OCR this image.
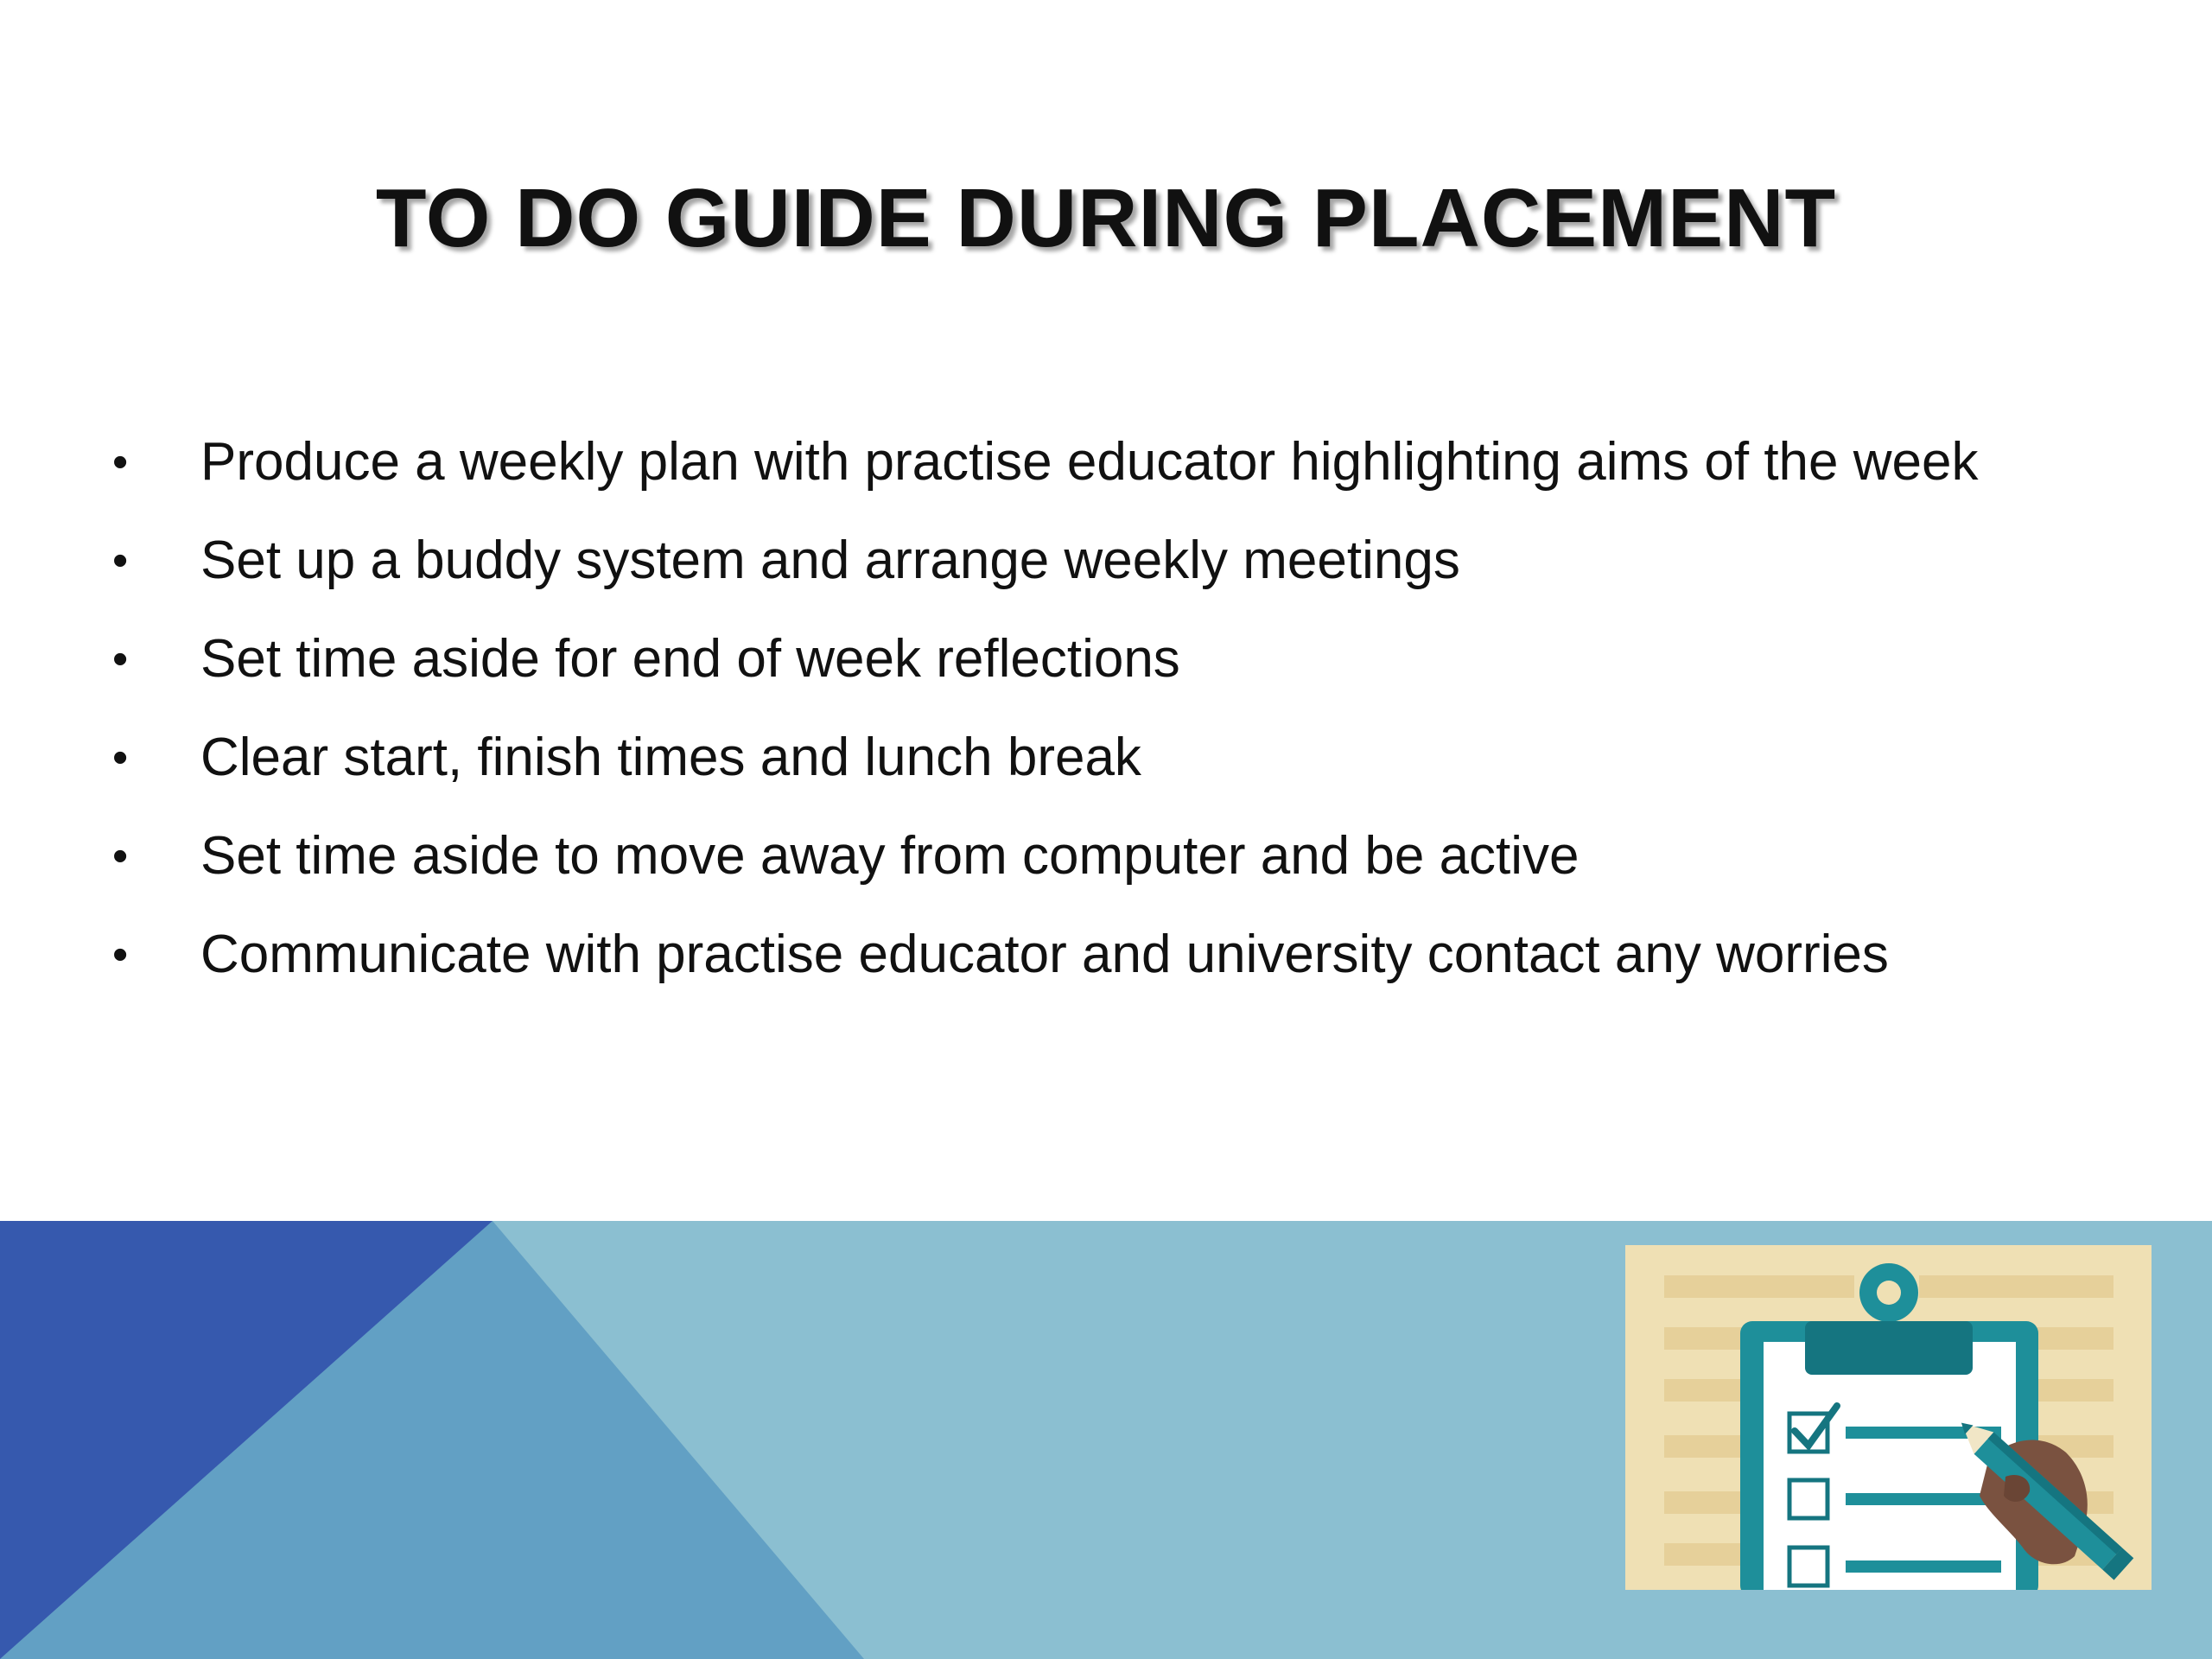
TO DO GUIDE DURING PLACEMENT
•	Produce a weekly plan with practise educator highlighting aims of the week
•	Set up a buddy system and arrange weekly meetings
•	Set time aside for end of week reflections
•	Clear start, finish times and lunch break
•	Set time aside to move away from computer and be active
•	Communicate with practise educator and university contact any worries
